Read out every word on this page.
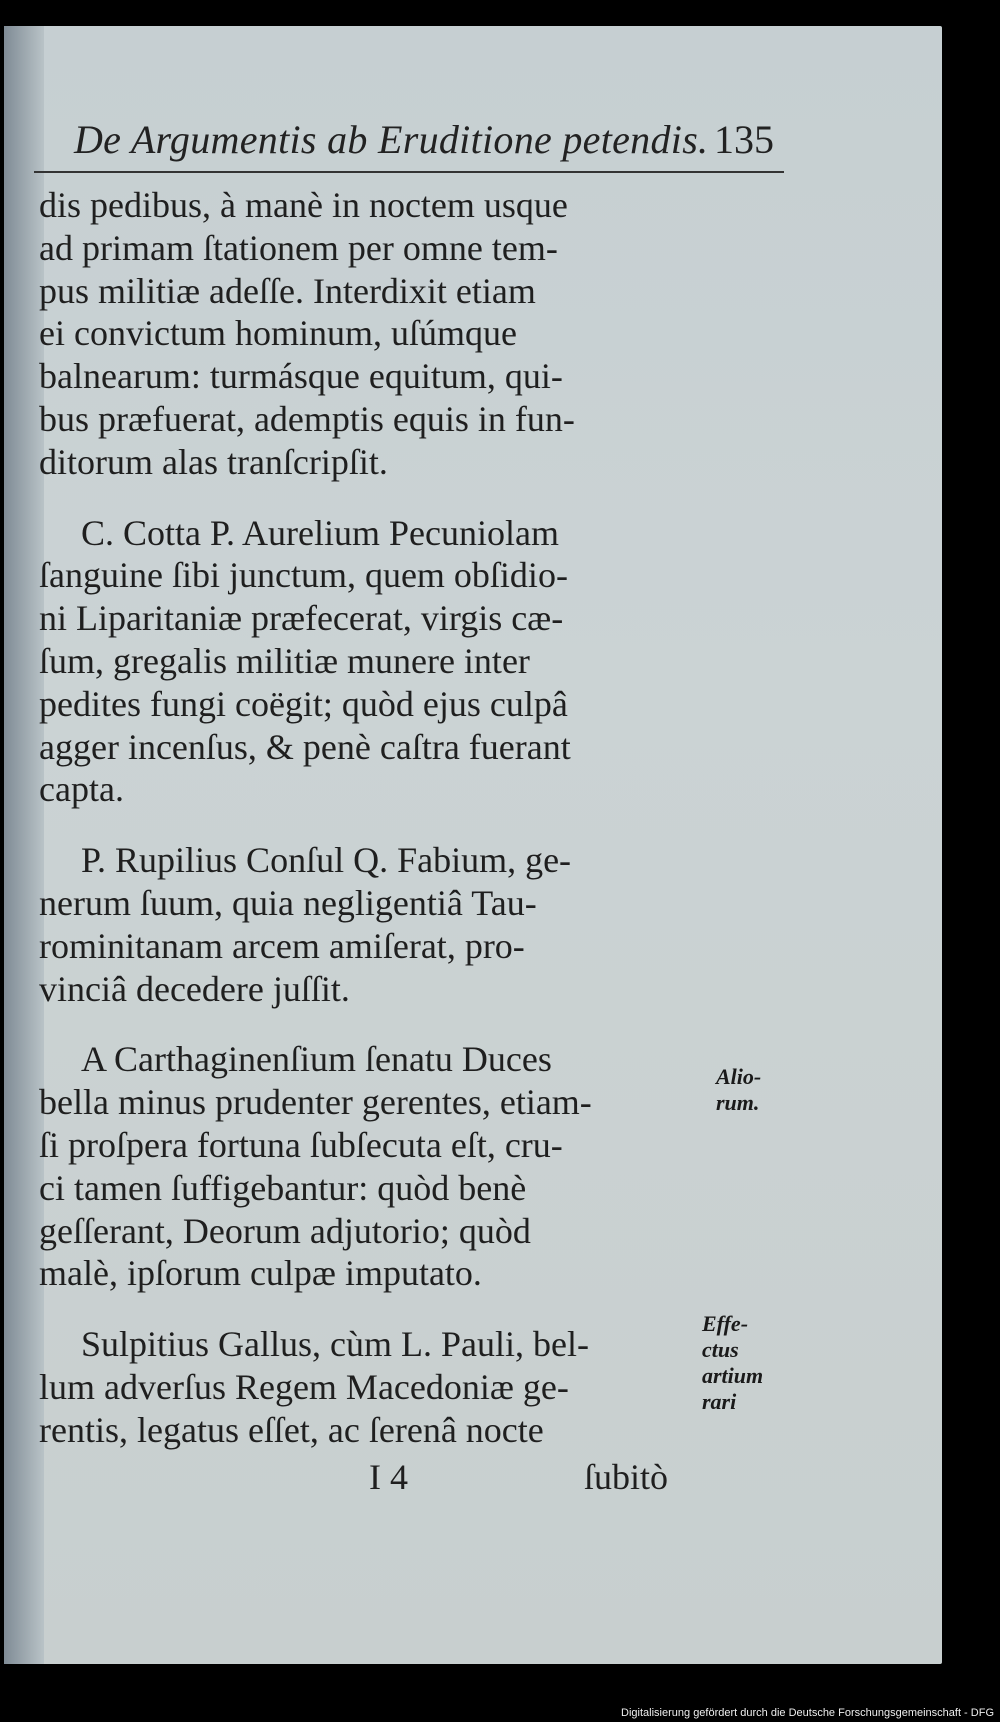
De Argumentis ab Eruditione petendis. 135

dis pedibus, à manè in noctem usque

ad primam ſtationem per omne tem-

pus militiæ adeſſe. Interdixit etiam

ei convictum hominum, uſúmque

balnearum: turmásque equitum, qui-

bus præfuerat, ademptis equis in fun-

ditorum alas tranſcripſit.

C. Cotta P. Aurelium Pecuniolam

ſanguine ſibi junctum, quem obſidio-

ni Liparitaniæ præfecerat, virgis cæ-

ſum, gregalis militiæ munere inter

pedites fungi coëgit; quòd ejus culpâ

agger incenſus, & penè caſtra fuerant

capta.

P. Rupilius Conſul Q. Fabium, ge-

nerum ſuum, quia negligentiâ Tau-

rominitanam arcem amiſerat, pro-

vinciâ decedere juſſit.

A Carthaginenſium ſenatu Duces

bella minus prudenter gerentes, etiam-

ſi proſpera fortuna ſubſecuta eſt, cru-

ci tamen ſuffigebantur: quòd benè

geſſerant, Deorum adjutorio; quòd

malè, ipſorum culpæ imputato.

Sulpitius Gallus, cùm L. Pauli, bel-

lum adverſus Regem Macedoniæ ge-

rentis, legatus eſſet, ac ſerenâ nocte

Alio-
rum.
Effe-
ctus
artium
rari
I 4	ſubitò
Digitalisierung gefördert durch die Deutsche Forschungsgemeinschaft - DFG
